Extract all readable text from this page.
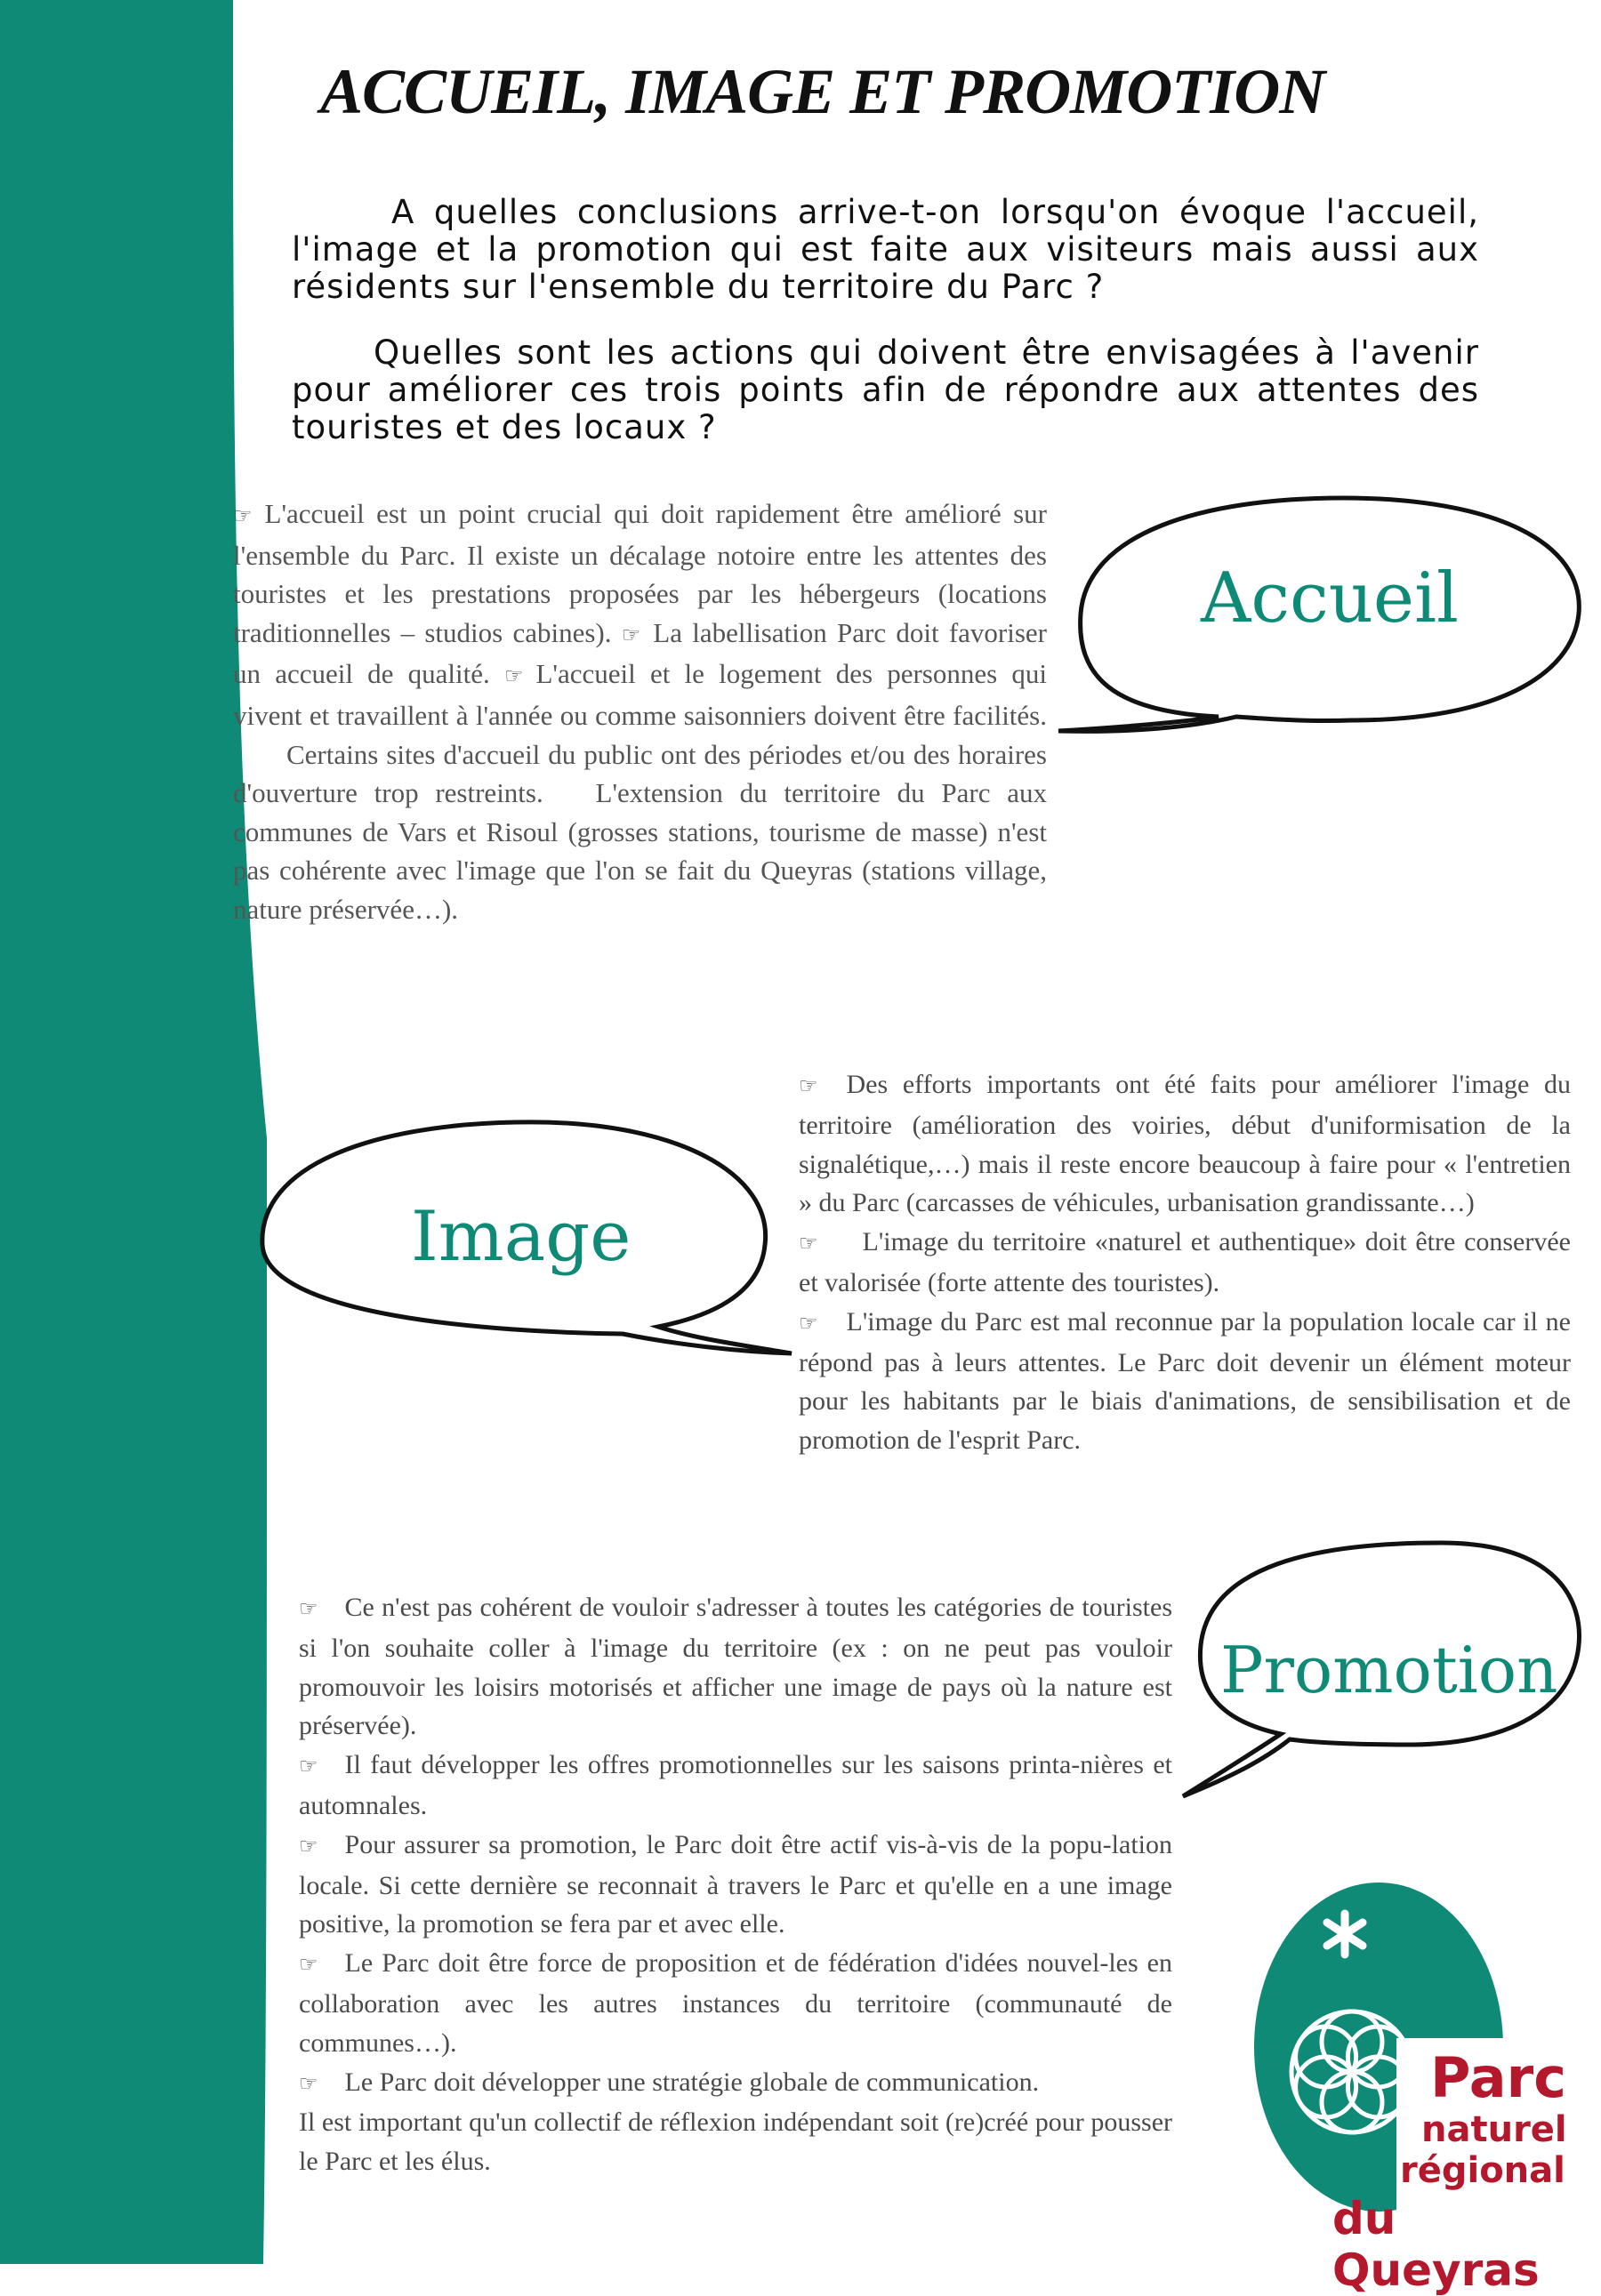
ACCUEIL, IMAGE ET PROMOTION

A quelles conclusions arrive-t-on lorsqu'on évoque l'accueil, l'image et la promotion qui est faite aux visiteurs mais aussi aux résidents sur l'ensemble du territoire du Parc ?

Quelles sont les actions qui doivent être envisagées à l'avenir pour améliorer ces trois points afin de répondre aux attentes des touristes et des locaux ?

Accueil

Image

Promotion

☞ L'accueil est un point crucial qui doit rapidement être amélioré sur l'ensemble du Parc. Il existe un décalage notoire entre les attentes des touristes et les prestations proposées par les hébergeurs (locations traditionnelles – studios cabines). ☞ La labellisation Parc doit favoriser un accueil de qualité. ☞ L'accueil et le logement des personnes qui vivent et travaillent à l'année ou comme saisonniers doivent être facilités. Certains sites d'accueil du public ont des périodes et/ou des horaires d'ouverture trop restreints. L'extension du territoire du Parc aux communes de Vars et Risoul (grosses stations, tourisme de masse) n'est pas cohérente avec l'image que l'on se fait du Queyras (stations village, nature préservée…).
☞ Des efforts importants ont été faits pour améliorer l'image du territoire (amélioration des voiries, début d'uniformisation de la signalétique,…) mais il reste encore beaucoup à faire pour « l'entretien » du Parc (carcasses de véhicules, urbanisation grandissante…)
☞ L'image du territoire «naturel et authentique» doit être conservée et valorisée (forte attente des touristes).
☞ L'image du Parc est mal reconnue par la population locale car il ne répond pas à leurs attentes. Le Parc doit devenir un élément moteur pour les habitants par le biais d'animations, de sensibilisation et de promotion de l'esprit Parc.
☞ Ce n'est pas cohérent de vouloir s'adresser à toutes les catégories de touristes si l'on souhaite coller à l'image du territoire (ex : on ne peut pas vouloir promouvoir les loisirs motorisés et afficher une image de pays où la nature est préservée).
☞ Il faut développer les offres promotionnelles sur les saisons printa-nières et automnales.
☞ Pour assurer sa promotion, le Parc doit être actif vis-à-vis de la popu-lation locale. Si cette dernière se reconnait à travers le Parc et qu'elle en a une image positive, la promotion se fera par et avec elle.
☞ Le Parc doit être force de proposition et de fédération d'idées nouvel-les en collaboration avec les autres instances du territoire (communauté de communes…).
☞ Le Parc doit développer une stratégie globale de communication.
Il est important qu'un collectif de réflexion indépendant soit (re)créé pour pousser le Parc et les élus.

Parc

naturel

régional

du Queyras
